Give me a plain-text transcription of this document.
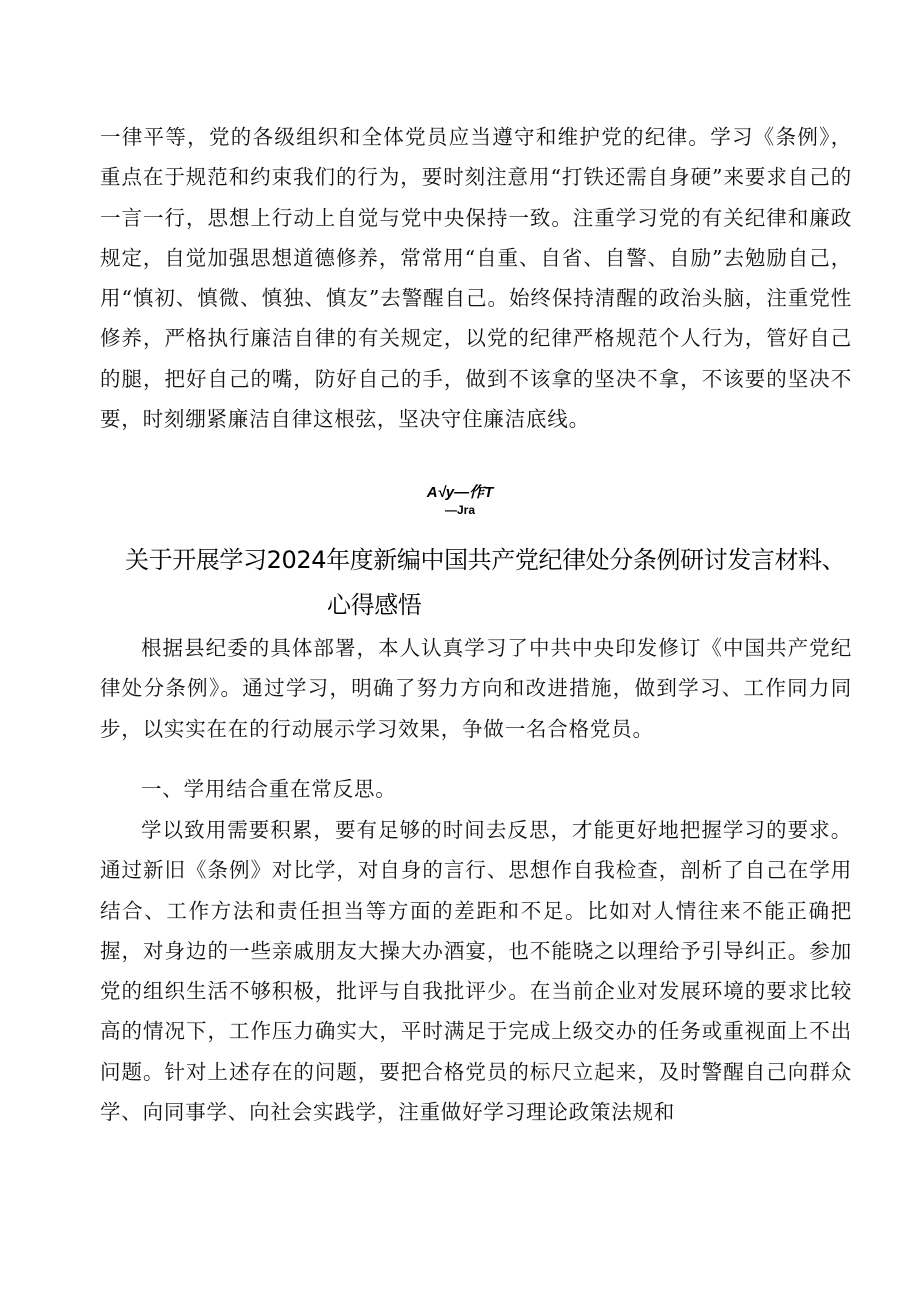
一律平等，党的各级组织和全体党员应当遵守和维护党的纪律。学习《条例》，重点在于规范和约束我们的行为，要时刻注意用“打铁还需自身硬”来要求自己的一言一行，思想上行动上自觉与党中央保持一致。注重学习党的有关纪律和廉政规定，自觉加强思想道德修养，常常用“自重、自省、自警、自励”去勉励自己，用“慎初、慎微、慎独、慎友”去警醒自己。始终保持清醒的政治头脑，注重党性修养，严格执行廉洁自律的有关规定，以党的纪律严格规范个人行为，管好自己的腿，把好自己的嘴，防好自己的手，做到不该拿的坚决不拿，不该要的坚决不要，时刻绷紧廉洁自律这根弦，坚决守住廉洁底线。

A√y—作T
—Jra
关于开展学习2024年度新编中国共产党纪律处分条例研讨发言材料、
心得感悟

根据县纪委的具体部署，本人认真学习了中共中央印发修订《中国共产党纪律处分条例》。通过学习，明确了努力方向和改进措施，做到学习、工作同力同步，以实实在在的行动展示学习效果，争做一名合格党员。

一、学用结合重在常反思。

学以致用需要积累，要有足够的时间去反思，才能更好地把握学习的要求。通过新旧《条例》对比学，对自身的言行、思想作自我检查，剖析了自己在学用结合、工作方法和责任担当等方面的差距和不足。比如对人情往来不能正确把握，对身边的一些亲戚朋友大操大办酒宴，也不能晓之以理给予引导纠正。参加党的组织生活不够积极，批评与自我批评少。在当前企业对发展环境的要求比较高的情况下，工作压力确实大，平时满足于完成上级交办的任务或重视面上不出问题。针对上述存在的问题，要把合格党员的标尺立起来，及时警醒自己向群众学、向同事学、向社会实践学，注重做好学习理论政策法规和
